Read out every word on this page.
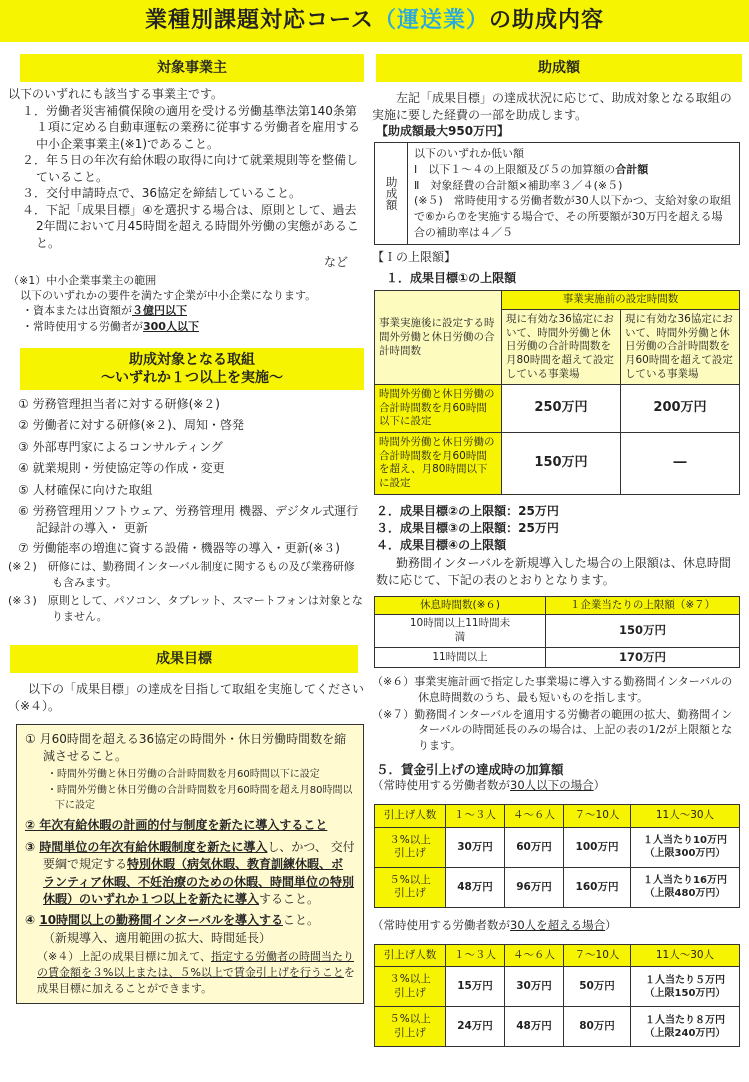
業種別課題対応コース（運送業）の助成内容
対象事業主

以下のいずれにも該当する事業主です。

１．労働者災害補償保険の適用を受ける労働基準法第140条第１項に定める自動車運転の業務に従事する労働者を雇用する中小企業事業主(※1)であること。

２．年５日の年次有給休暇の取得に向けて就業規則等を整備していること。

３．交付申請時点で、36協定を締結していること。

４．下記「成果目標」④を選択する場合は、原則として、過去2年間において月45時間を超える時間外労働の実態があること。

など

（※1）中小企業事業主の範囲

以下のいずれかの要件を満たす企業が中小企業になります。

・資本または出資額が３億円以下

・常時使用する労働者が300人以下

助成対象となる取組
～いずれか１つ以上を実施～

① 労務管理担当者に対する研修(※２)

② 労働者に対する研修(※２)、周知・啓発

③ 外部専門家によるコンサルティング

④ 就業規則・労使協定等の作成・変更

⑤ 人材確保に向けた取組

⑥ 労務管理用ソフトウェア、労務管理用 機器、デジタル式運行記録計の導入・ 更新

⑦ 労働能率の増進に資する設備・機器等の導入・更新(※３)

(※２)　研修には、勤務間インターバル制度に関するもの及び業務研修も含みます。

(※３)　原則として、パソコン、タブレット、スマートフォンは対象となりません。

成果目標

以下の「成果目標」の達成を目指して取組を実施してください（※４）。

① 月60時間を超える36協定の時間外・休日労働時間数を縮減させること。

・時間外労働と休日労働の合計時間数を月60時間以下に設定

・時間外労働と休日労働の合計時間数を月60時間を超え月80時間以下に設定

② 年次有給休暇の計画的付与制度を新たに導入すること

③ 時間単位の年次有給休暇制度を新たに導入し、かつ、 交付要綱で規定する特別休暇（病気休暇、教育訓練休暇、ボランティア休暇、不妊治療のための休暇、時間単位の特別休暇）のいずれか１つ以上を新たに導入すること。

④ 10時間以上の勤務間インターバルを導入すること。

（新規導入、適用範囲の拡大、時間延長）

（※４）上記の成果目標に加えて、指定する労働者の時間当たりの賃金額を３%以上または、５%以上で賃金引上げを行うことを成果目標に加えることができます。

助成額

左記「成果目標」の達成状況に応じて、助成対象となる取組の実施に要した経費の一部を助成します。

【助成額最大950万円】

助成額

以下のいずれか低い額

Ⅰ　以下１～４の上限額及び５の加算額の合計額

Ⅱ　対象経費の合計額×補助率３／４(※５)

(※５)　常時使用する労働者数が30人以下かつ、支給対象の取組で⑥から⑦を実施する場合で、その所要額が30万円を超える場合の補助率は４／５

【Ｉの上限額】

１．成果目標①の上限額

事業実施後に設定する時間外労働と休日労働の合計時間数	事業実施前の設定時間数	
	現に有効な36協定において、時間外労働と休日労働の合計時間数を月80時間を超えて設定している事業場	現に有効な36協定において、時間外労働と休日労働の合計時間数を月60時間を超えて設定している事業場
時間外労働と休日労働の合計時間数を月60時間以下に設定	250万円	200万円
時間外労働と休日労働の合計時間数を月60時間を超え、月80時間以下に設定	150万円	―

２．成果目標②の上限額：25万円

３．成果目標③の上限額：25万円

４．成果目標④の上限額

勤務間インターバルを新規導入した場合の上限額は、休息時間数に応じて、下記の表のとおりとなります。

休息時間数(※６)	１企業当たりの上限額（※７）
10時間以上11時間未満	150万円
11時間以上	170万円

（※６）事業実施計画で指定した事業場に導入する勤務間インターバルの休息時間数のうち、最も短いものを指します。

（※７）勤務間インターバルを適用する労働者の範囲の拡大、勤務間インターバルの時間延長のみの場合は、上記の表の1/2が上限額となります。

５．賃金引上げの達成時の加算額

（常時使用する労働者数が30人以下の場合）

引上げ人数	１～３人	４～６人	７～10人	11人～30人
３%以上引上げ	30万円	60万円	100万円	１人当たり10万円
（上限300万円）

５%以上引上げ	48万円	96万円	160万円	１人当たり16万円
（上限480万円）

（常時使用する労働者数が30人を超える場合）

引上げ人数	１～３人	４～６人	７～10人	11人～30人
３%以上引上げ	15万円	30万円	50万円	１人当たり５万円
（上限150万円）

５%以上引上げ	24万円	48万円	80万円	１人当たり８万円
（上限240万円）
